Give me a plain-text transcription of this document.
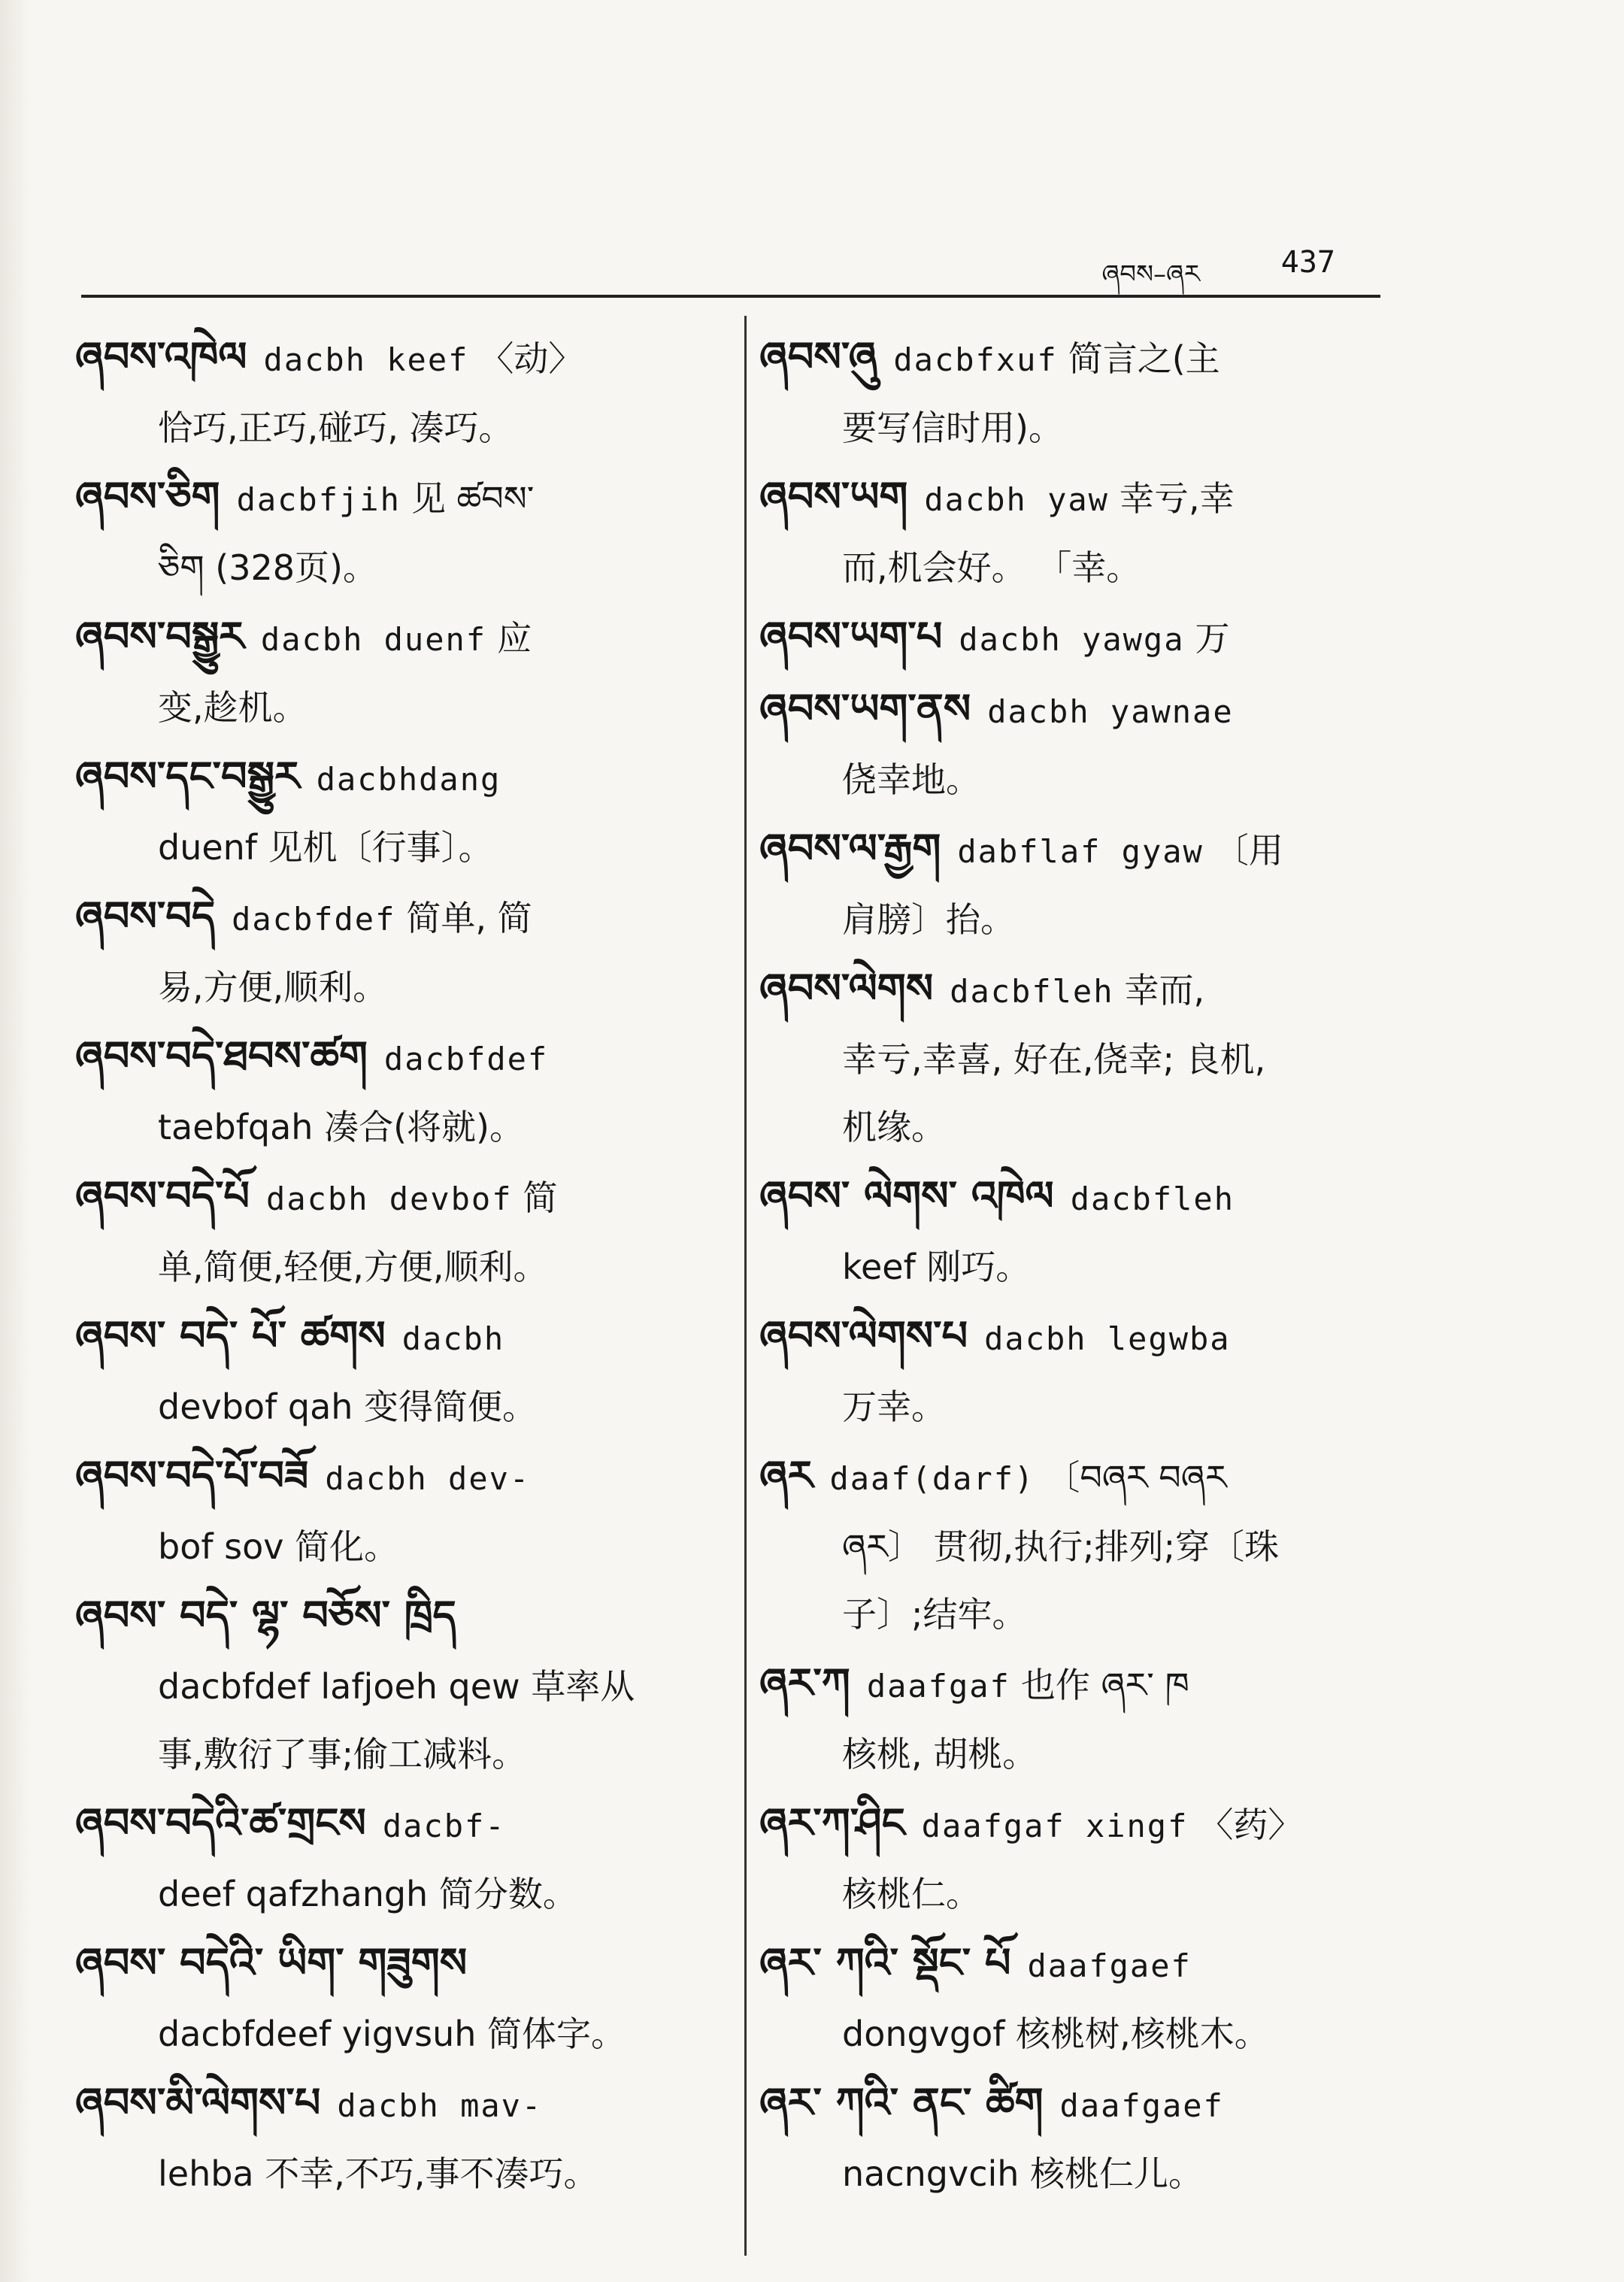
ཞབས–ཞར	437
ཞབས་འཁེལ dacbh keef 〈动〉
恰巧,正巧,碰巧, 凑巧。
ཞབས་ཅིག dacbfjih 见 ཚབས་
ཅིག (328页)。
ཞབས་བསྒྱུར dacbh duenf 应
变,趁机。
ཞབས་དང་བསྒྱུར dacbhdang
duenf 见机〔行事〕。
ཞབས་བདེ dacbfdef 简单, 简
易,方便,顺利。
ཞབས་བདེ་ཐབས་ཚག dacbfdef
taebfqah 凑合(将就)。
ཞབས་བདེ་པོ dacbh devbof 简
单,简便,轻便,方便,顺利。
ཞབས་ བདེ་ པོ་ ཚགས dacbh
devbof qah 变得简便。
ཞབས་བདེ་པོ་བཟོ dacbh dev-
bof sov 简化。
ཞབས་ བདེ་ ལྷ་ བཅོས་ ཁྲིད
dacbfdef lafjoeh qew 草率从
事,敷衍了事;偷工减料。
ཞབས་བདེའི་ཚ་གྲངས dacbf-
deef qafzhangh 简分数。
ཞབས་ བདེའི་ ཡིག་ གཟུགས
dacbfdeef yigvsuh 简体字。
ཞབས་མི་ལེགས་པ dacbh mav-
lehba 不幸,不巧,事不凑巧。
ཞབས་ཞུ dacbfxuf 简言之(主
要写信时用)。
ཞབས་ཡག dacbh yaw 幸亏,幸
而,机会好。 「幸。
ཞབས་ཡག་པ dacbh yawga 万
ཞབས་ཡག་ནས dacbh yawnae
侥幸地。
ཞབས་ལ་རྒྱག dabflaf gyaw 〔用
肩膀〕抬。
ཞབས་ལེགས dacbfleh 幸而,
幸亏,幸喜, 好在,侥幸; 良机,
机缘。
ཞབས་ ལེགས་ འཁེལ dacbfleh
keef 刚巧。
ཞབས་ལེགས་པ dacbh legwba
万幸。
ཞར daaf(darf) 〔བཞར བཞར
ཞར〕 贯彻,执行;排列;穿〔珠
子〕;结牢。
ཞར་ཀ daafgaf 也作 ཞར་ ཁ
核桃, 胡桃。
ཞར་ཀ་ཤིང daafgaf xingf 〈药〉
核桃仁。
ཞར་ ཀའི་ སྡོང་ པོ daafgaef
dongvgof 核桃树,核桃木。
ཞར་ ཀའི་ ནང་ ཚིག daafgaef
nacngvcih 核桃仁儿。
